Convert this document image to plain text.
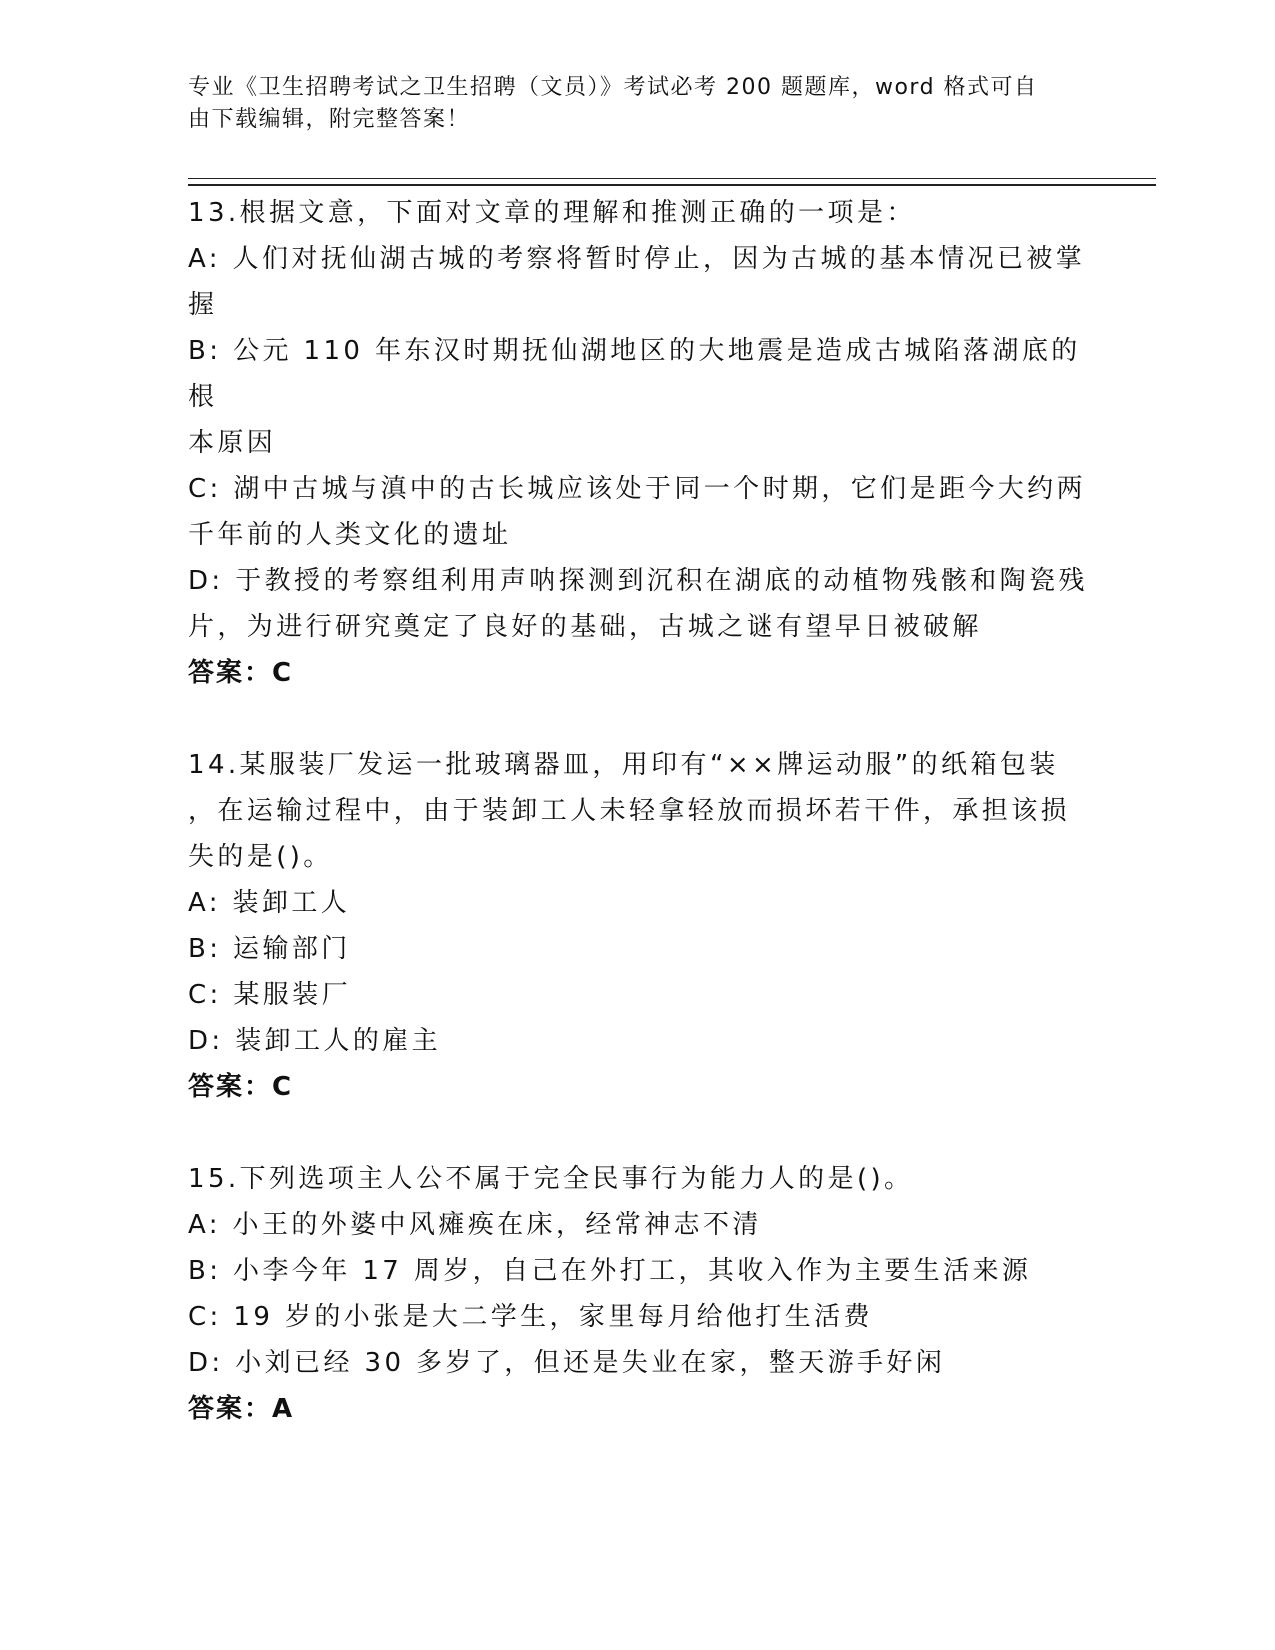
专业《卫生招聘考试之卫生招聘（文员）》考试必考 200 题题库，word 格式可自
由下载编辑，附完整答案！
13.根据文意，下面对文章的理解和推测正确的一项是：
A: 人们对抚仙湖古城的考察将暂时停止，因为古城的基本情况已被掌
握
B: 公元 110 年东汉时期抚仙湖地区的大地震是造成古城陷落湖底的根
本原因
C: 湖中古城与滇中的古长城应该处于同一个时期，它们是距今大约两
千年前的人类文化的遗址
D: 于教授的考察组利用声呐探测到沉积在湖底的动植物残骸和陶瓷残
片，为进行研究奠定了良好的基础，古城之谜有望早日被破解
答案：C
14.某服装厂发运一批玻璃器皿，用印有“××牌运动服”的纸箱包装
，在运输过程中，由于装卸工人未轻拿轻放而损坏若干件，承担该损
失的是()。
A: 装卸工人
B: 运输部门
C: 某服装厂
D: 装卸工人的雇主
答案：C
15.下列选项主人公不属于完全民事行为能力人的是()。
A: 小王的外婆中风瘫痪在床，经常神志不清
B: 小李今年 17 周岁，自己在外打工，其收入作为主要生活来源
C: 19 岁的小张是大二学生，家里每月给他打生活费
D: 小刘已经 30 多岁了，但还是失业在家，整天游手好闲
答案：A
